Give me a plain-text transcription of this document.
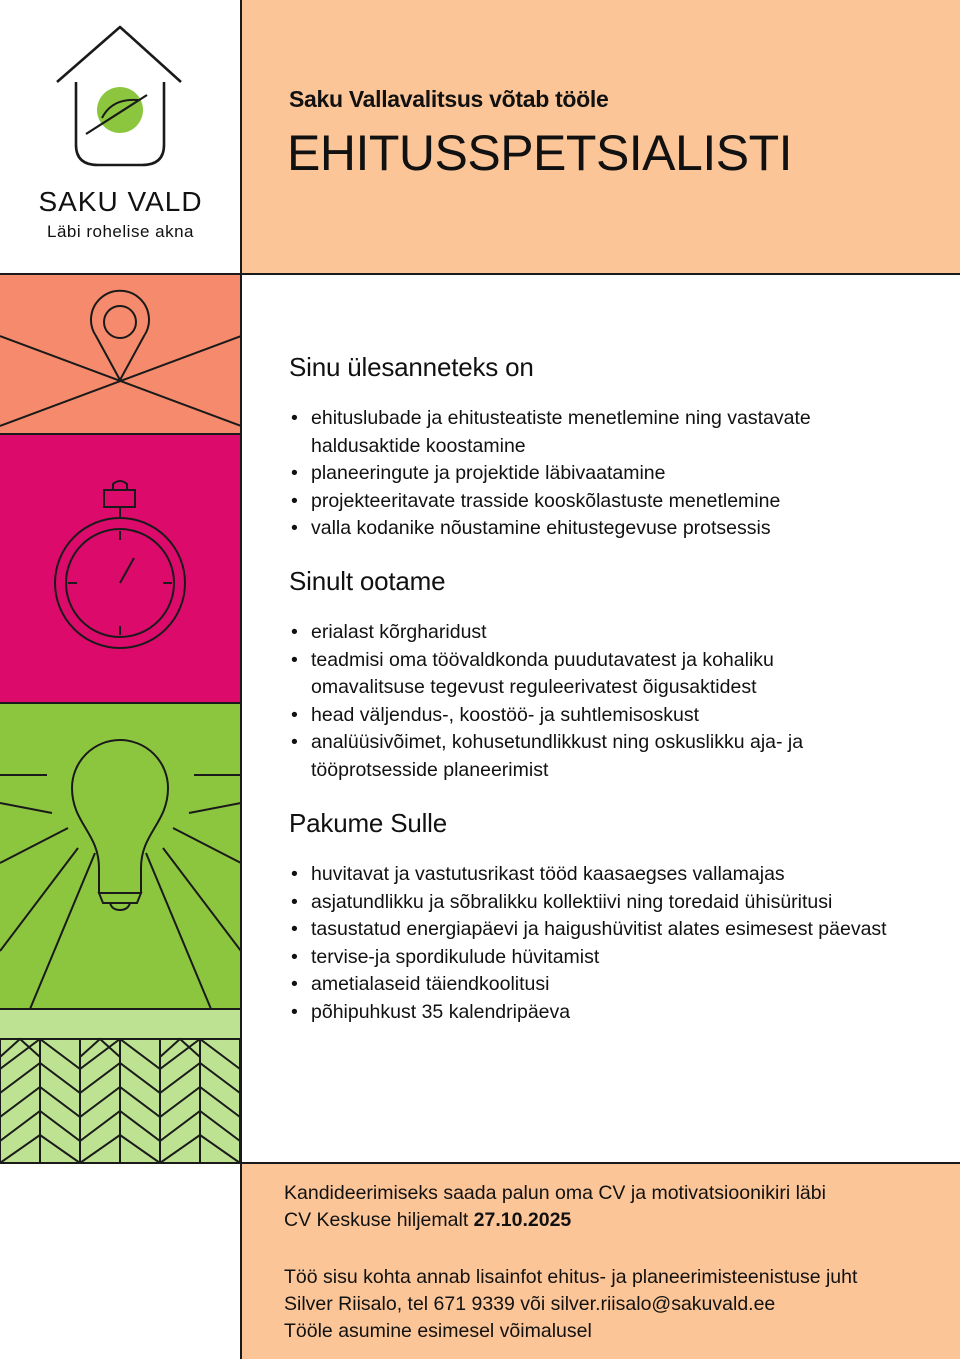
SAKU VALD
Läbi rohelise akna
Saku Vallavalitsus võtab tööle
EHITUSSPETSIALISTI
Sinu ülesanneteks on
• ehituslubade ja ehitusteatiste menetlemine ning vastavate haldusaktide koostamine
• planeeringute ja projektide läbivaatamine
• projekteeritavate trasside kooskõlastuste menetlemine
• valla kodanike nõustamine ehitustegevuse protsessis
Sinult ootame
• erialast kõrgharidust
• teadmisi oma töövaldkonda puudutavatest ja kohaliku omavalitsuse tegevust reguleerivatest õigusaktidest
• head väljendus-, koostöö- ja suhtlemisoskust
• analüüsivõimet, kohusetundlikkust ning oskuslikku aja- ja tööprotsesside planeerimist
Pakume Sulle
• huvitavat ja vastutusrikast tööd kaasaegses vallamajas
• asjatundlikku ja sõbralikku kollektiivi ning toredaid ühisüritusi
• tasustatud energiapäevi ja haigushüvitist alates esimesest päevast
• tervise-ja spordikulude hüvitamist
• ametialaseid täiendkoolitusi
• põhipuhkust 35 kalendripäeva
Kandideerimiseks saada palun oma CV ja motivatsioonikiri läbi
CV Keskuse hiljemalt 27.10.2025
Töö sisu kohta annab lisainfot ehitus- ja planeerimisteenistuse juht
Silver Riisalo, tel 671 9339 või silver.riisalo@sakuvald.ee
Tööle asumine esimesel võimalusel
